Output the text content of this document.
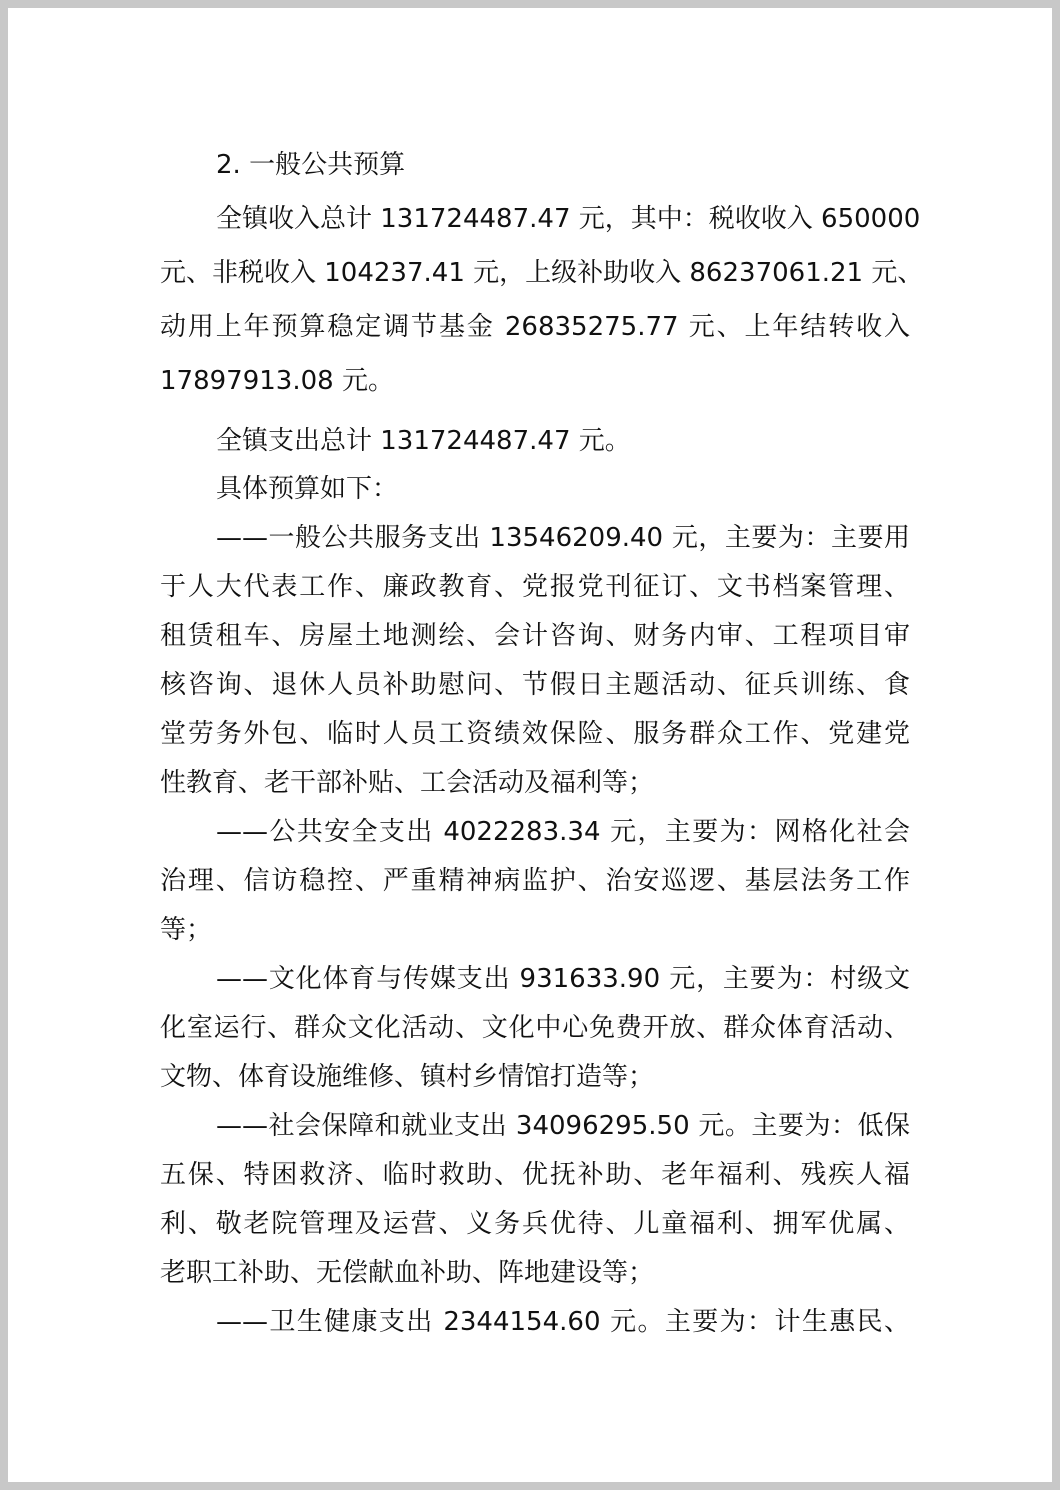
2. 一般公共预算
全镇收入总计 131724487.47 元，其中：税收收入 650000
元、非税收入 104237.41 元，上级补助收入 86237061.21 元、
动用上年预算稳定调节基金 26835275.77 元、上年结转收入
17897913.08 元。
全镇支出总计 131724487.47 元。
具体预算如下：
——一般公共服务支出 13546209.40 元，主要为：主要用
于人大代表工作、廉政教育、党报党刊征订、文书档案管理、
租赁租车、房屋土地测绘、会计咨询、财务内审、工程项目审
核咨询、退休人员补助慰问、节假日主题活动、征兵训练、食
堂劳务外包、临时人员工资绩效保险、服务群众工作、党建党
性教育、老干部补贴、工会活动及福利等；
——公共安全支出 4022283.34 元，主要为：网格化社会
治理、信访稳控、严重精神病监护、治安巡逻、基层法务工作
等；
——文化体育与传媒支出 931633.90 元，主要为：村级文
化室运行、群众文化活动、文化中心免费开放、群众体育活动、
文物、体育设施维修、镇村乡情馆打造等；
——社会保障和就业支出 34096295.50 元。主要为：低保
五保、特困救济、临时救助、优抚补助、老年福利、残疾人福
利、敬老院管理及运营、义务兵优待、儿童福利、拥军优属、
老职工补助、无偿献血补助、阵地建设等；
——卫生健康支出 2344154.60 元。主要为：计生惠民、
